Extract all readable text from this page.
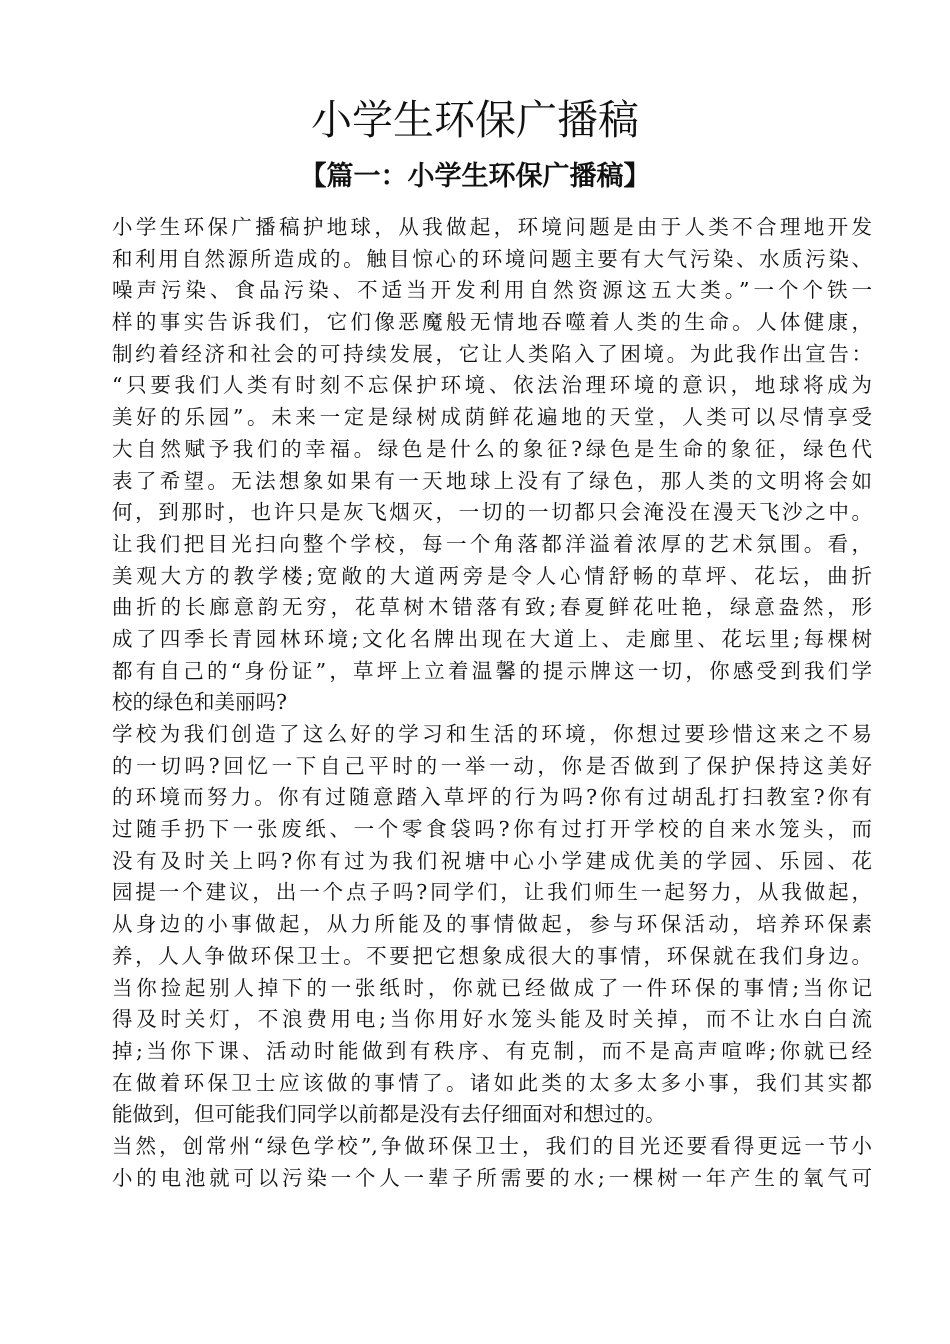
小学生环保广播稿
【篇一：小学生环保广播稿】
小学生环保广播稿护地球，从我做起，环境问题是由于人类不合理地开发
和利用自然源所造成的。触目惊心的环境问题主要有大气污染、水质污染、
噪声污染、食品污染、不适当开发利用自然资源这五大类。”一个个铁一
样的事实告诉我们，它们像恶魔般无情地吞噬着人类的生命。人体健康，
制约着经济和社会的可持续发展，它让人类陷入了困境。为此我作出宣告：
“只要我们人类有时刻不忘保护环境、依法治理环境的意识，地球将成为
美好的乐园”。未来一定是绿树成荫鲜花遍地的天堂，人类可以尽情享受
大自然赋予我们的幸福。绿色是什么的象征?绿色是生命的象征，绿色代
表了希望。无法想象如果有一天地球上没有了绿色，那人类的文明将会如
何，到那时，也许只是灰飞烟灭，一切的一切都只会淹没在漫天飞沙之中。
让我们把目光扫向整个学校，每一个角落都洋溢着浓厚的艺术氛围。看，
美观大方的教学楼;宽敞的大道两旁是令人心情舒畅的草坪、花坛，曲折
曲折的长廊意韵无穷，花草树木错落有致;春夏鲜花吐艳，绿意盎然，形
成了四季长青园林环境;文化名牌出现在大道上、走廊里、花坛里;每棵树
都有自己的“身份证”，草坪上立着温馨的提示牌这一切，你感受到我们学
校的绿色和美丽吗?
学校为我们创造了这么好的学习和生活的环境，你想过要珍惜这来之不易
的一切吗?回忆一下自己平时的一举一动，你是否做到了保护保持这美好
的环境而努力。你有过随意踏入草坪的行为吗?你有过胡乱打扫教室?你有
过随手扔下一张废纸、一个零食袋吗?你有过打开学校的自来水笼头，而
没有及时关上吗?你有过为我们祝塘中心小学建成优美的学园、乐园、花
园提一个建议，出一个点子吗?同学们，让我们师生一起努力，从我做起，
从身边的小事做起，从力所能及的事情做起，参与环保活动，培养环保素
养，人人争做环保卫士。不要把它想象成很大的事情，环保就在我们身边。
当你捡起别人掉下的一张纸时，你就已经做成了一件环保的事情;当你记
得及时关灯，不浪费用电;当你用好水笼头能及时关掉，而不让水白白流
掉;当你下课、活动时能做到有秩序、有克制，而不是高声喧哗;你就已经
在做着环保卫士应该做的事情了。诸如此类的太多太多小事，我们其实都
能做到，但可能我们同学以前都是没有去仔细面对和想过的。
当然，创常州“绿色学校”,争做环保卫士，我们的目光还要看得更远一节小
小的电池就可以污染一个人一辈子所需要的水;一棵树一年产生的氧气可
